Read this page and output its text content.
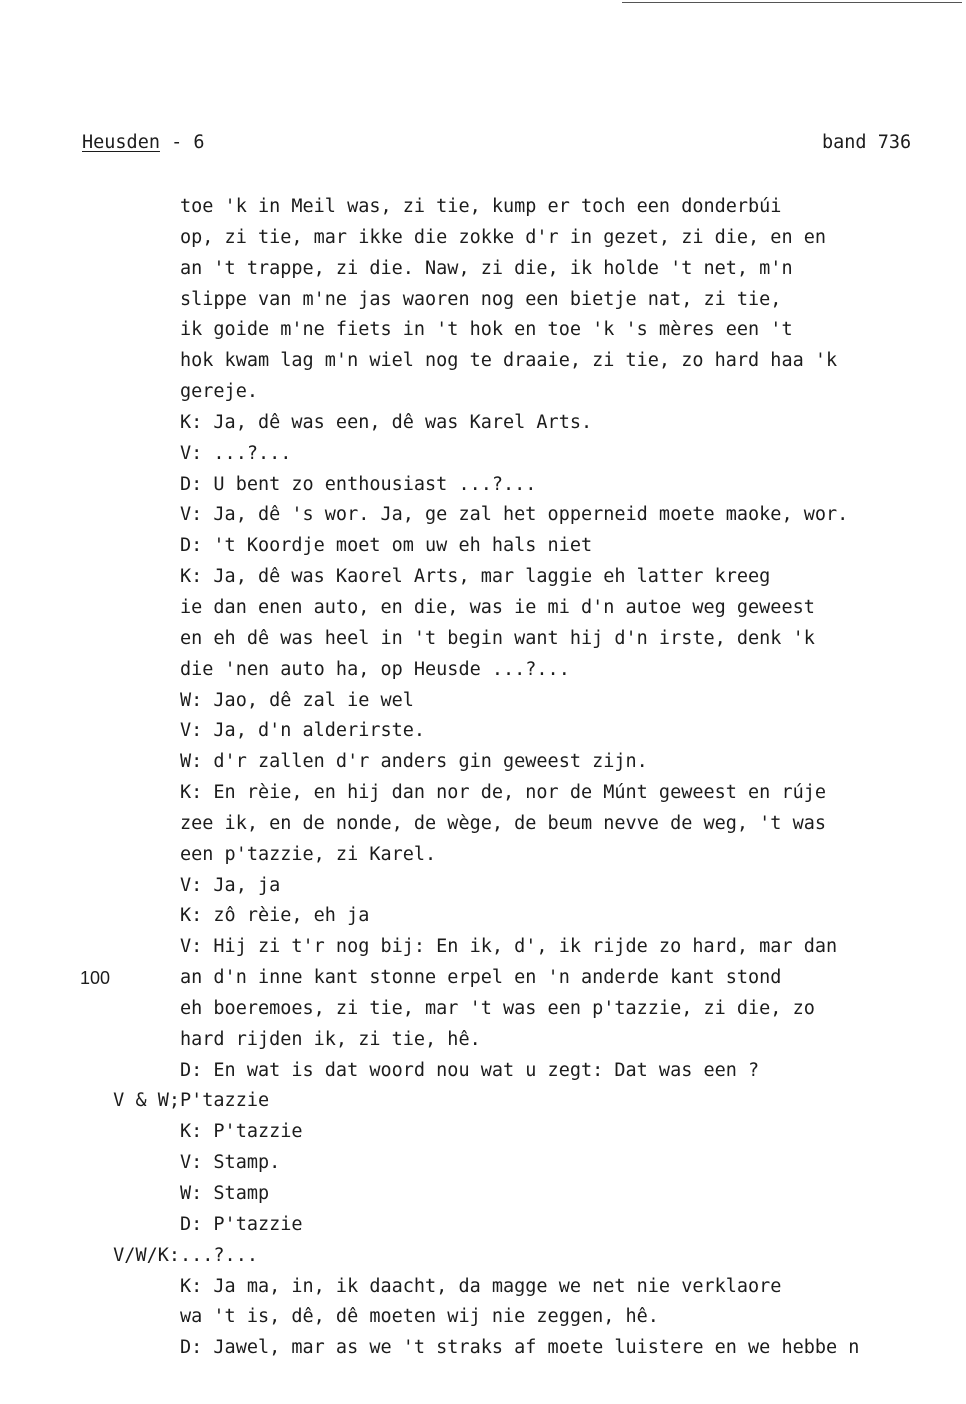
Heusden - 6	band 736
toe 'k in Meil was, zi tie, kump er toch een donderbúi
op, zi tie, mar ikke die zokke d'r in gezet, zi die, en en
an 't trappe, zi die. Naw, zi die, ik holde 't net, m'n
slippe van m'ne jas waoren nog een bietje nat, zi tie,
ik goide m'ne fiets in 't hok en toe 'k 's mères een 't
hok kwam lag m'n wiel nog te draaie, zi tie, zo hard haa 'k
gereje.
K: Ja, dê was een, dê was Karel Arts.
V: ...?...
D: U bent zo enthousiast ...?...
V: Ja, dê 's wor. Ja, ge zal het opperneid moete maoke, wor.
D: 't Koordje moet om uw eh hals niet
K: Ja, dê was Kaorel Arts, mar laggie eh latter kreeg
ie dan enen auto, en die, was ie mi d'n autoe weg geweest
en eh dê was heel in 't begin want hij d'n irste, denk 'k
die 'nen auto ha, op Heusde ...?...
W: Jao, dê zal ie wel
V: Ja, d'n alderirste.
W: d'r zallen d'r anders gin geweest zijn.
K: En rèie, en hij dan nor de, nor de Múnt geweest en rúje
zee ik, en de nonde, de wège, de beum nevve de weg, 't was
een p'tazzie, zi Karel.
V: Ja, ja
K: zô rèie, eh ja
V: Hij zi t'r nog bij: En ik, d', ik rijde zo hard, mar dan
100	an d'n inne kant stonne erpel en 'n anderde kant stond
eh boeremoes, zi tie, mar 't was een p'tazzie, zi die, zo
hard rijden ik, zi tie, hê.
D: En wat is dat woord nou wat u zegt: Dat was een ?
V & W; P'tazzie
K: P'tazzie
V: Stamp.
W: Stamp
D: P'tazzie
V/W/K: ...?...
K: Ja ma, in, ik daacht, da magge we net nie verklaore
wa 't is, dê, dê moeten wij nie zeggen, hê.
D: Jawel, mar as we 't straks af moete luistere en we hebbe n
